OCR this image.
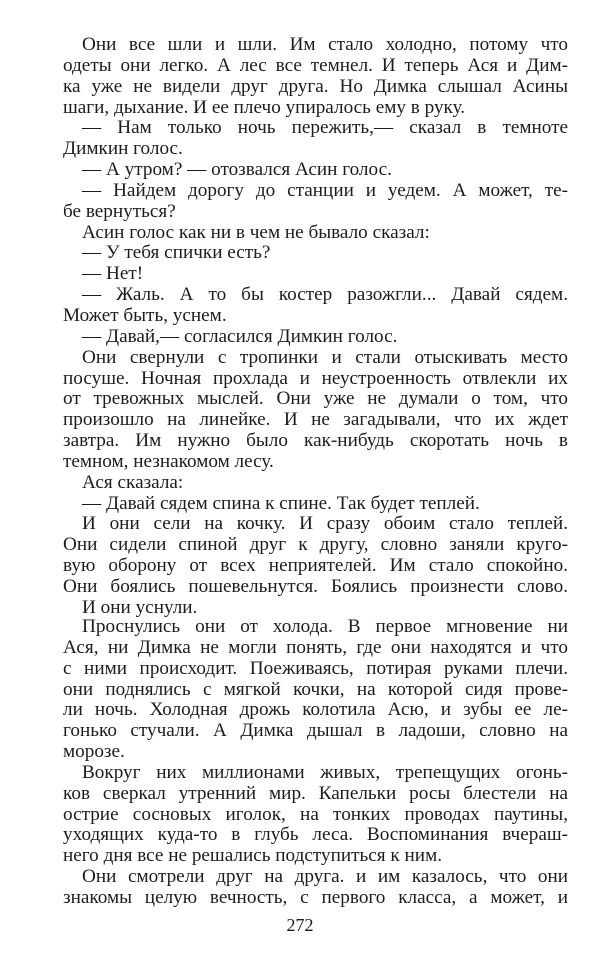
Они все шли и шли. Им стало холодно, потому что
одеты они легко. А лес все темнел. И теперь Ася и Дим-
ка уже не видели друг друга. Но Димка слышал Асины
шаги, дыхание. И ее плечо упиралось ему в руку.
— Нам только ночь пережить,— сказал в темноте
Димкин голос.
— А утром? — отозвался Асин голос.
— Найдем дорогу до станции и уедем. А может, те-
бе вернуться?
Асин голос как ни в чем не бывало сказал:
— У тебя спички есть?
— Нет!
— Жаль. А то бы костер разожгли... Давай сядем.
Может быть, уснем.
— Давай,— согласился Димкин голос.
Они свернули с тропинки и стали отыскивать место
посуше. Ночная прохлада и неустроенность отвлекли их
от тревожных мыслей. Они уже не думали о том, что
произошло на линейке. И не загадывали, что их ждет
завтра. Им нужно было как-нибудь скоротать ночь в
темном, незнакомом лесу.
Ася сказала:
— Давай сядем спина к спине. Так будет теплей.
И они сели на кочку. И сразу обоим стало теплей.
Они сидели спиной друг к другу, словно заняли круго-
вую оборону от всех неприятелей. Им стало спокойно.
Они боялись пошевельнутся. Боялись произнести слово.
И они уснули.
Проснулись они от холода. В первое мгновение ни
Ася, ни Димка не могли понять, где они находятся и что
с ними происходит. Поеживаясь, потирая руками плечи.
они поднялись с мягкой кочки, на которой сидя прове-
ли ночь. Холодная дрожь колотила Асю, и зубы ее ле-
гонько стучали. А Димка дышал в ладоши, словно на
морозе.
Вокруг них миллионами живых, трепещущих огонь-
ков сверкал утренний мир. Капельки росы блестели на
острие сосновых иголок, на тонких проводах паутины,
уходящих куда-то в глубь леса. Воспоминания вчераш-
него дня все не решались подступиться к ним.
Они смотрели друг на друга. и им казалось, что они
знакомы целую вечность, с первого класса, а может, и
272
